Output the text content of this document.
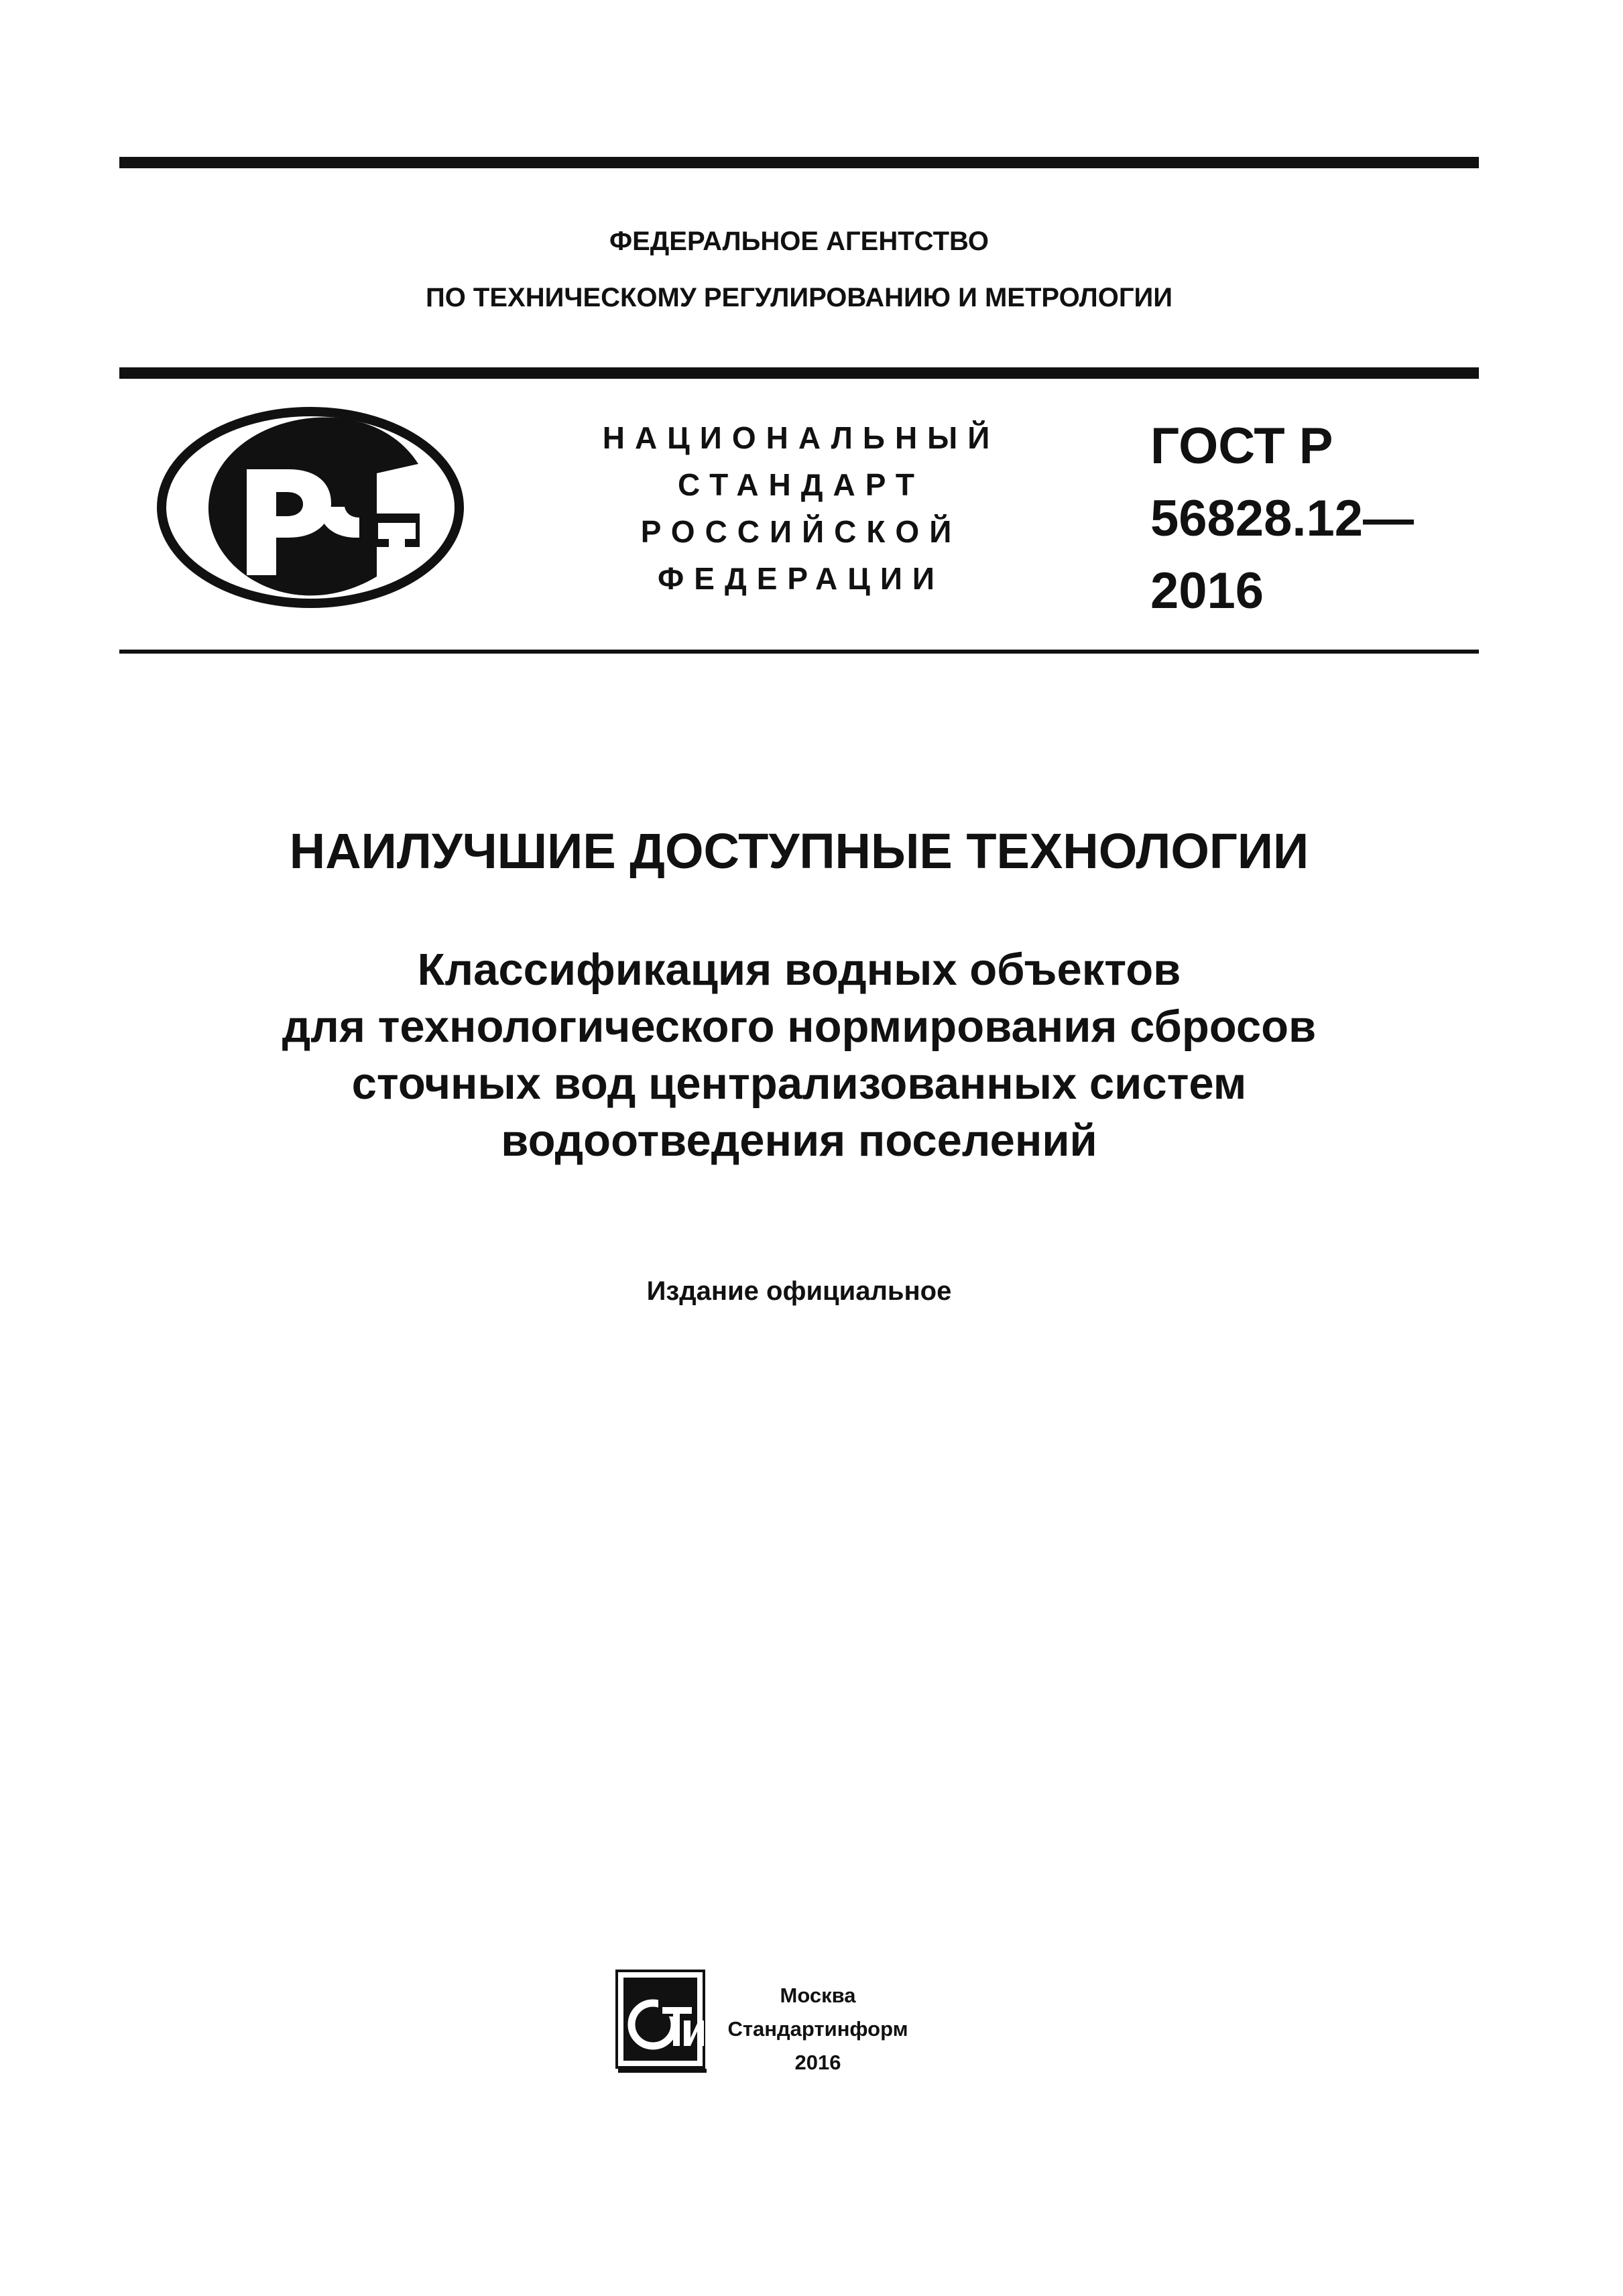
ФЕДЕРАЛЬНОЕ АГЕНТСТВО
ПО ТЕХНИЧЕСКОМУ РЕГУЛИРОВАНИЮ И МЕТРОЛОГИИ
НАЦИОНАЛЬНЫЙ
СТАНДАРТ
РОССИЙСКОЙ
ФЕДЕРАЦИИ
ГОСТ Р
56828.12—
2016
НАИЛУЧШИЕ ДОСТУПНЫЕ ТЕХНОЛОГИИ
Классификация водных объектов
для технологического нормирования сбросов
сточных вод централизованных систем
водоотведения поселений
Издание официальное
Москва
Стандартинформ
2016
